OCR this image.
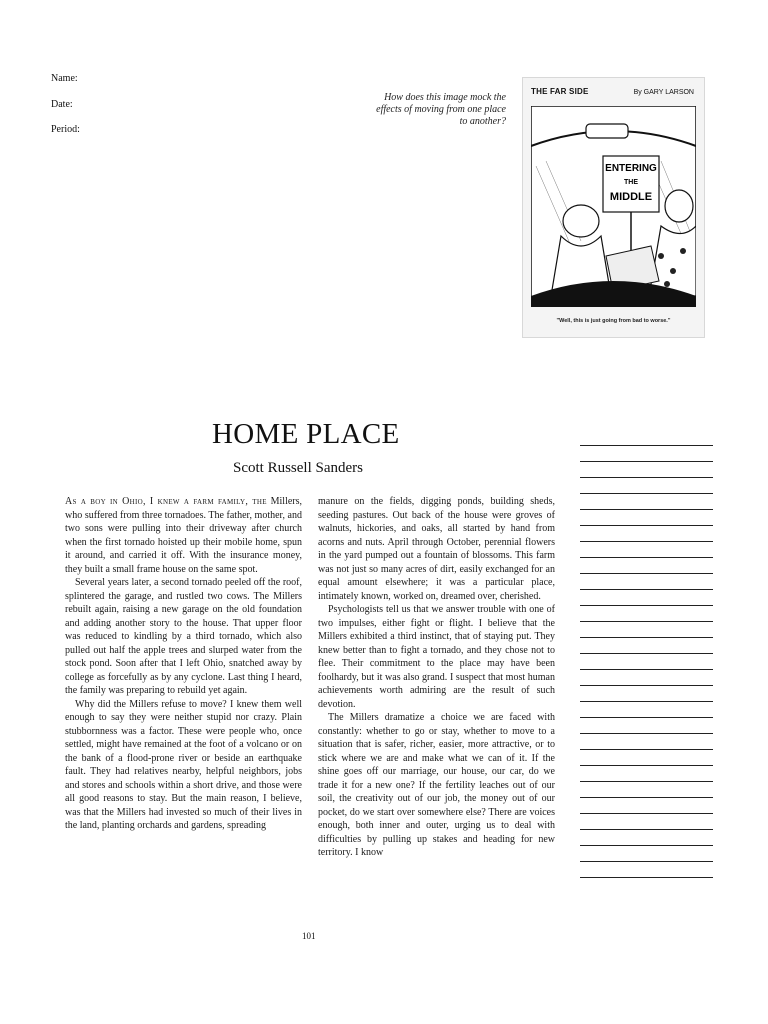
Name:
Date:
Period:
How does this image mock the effects of moving from one place to another?
THE FAR SIDE	By GARY LARSON
ENTERING
THE
MIDDLE
"Well, this is just going from bad to worse."
HOME PLACE
Scott Russell Sanders

As a boy in Ohio, I knew a farm family, the Millers, who suffered from three tornadoes. The father, mother, and two sons were pulling into their driveway after church when the first tornado hoisted up their mobile home, spun it around, and carried it off. With the insurance money, they built a small frame house on the same spot.

Several years later, a second tornado peeled off the roof, splintered the garage, and rustled two cows. The Millers rebuilt again, raising a new garage on the old foundation and adding another story to the house. That upper floor was reduced to kindling by a third tornado, which also pulled out half the apple trees and slurped water from the stock pond. Soon after that I left Ohio, snatched away by college as forcefully as by any cyclone. Last thing I heard, the family was preparing to rebuild yet again.

Why did the Millers refuse to move? I knew them well enough to say they were neither stupid nor crazy. Plain stubbornness was a factor. These were people who, once settled, might have remained at the foot of a volcano or on the bank of a flood-prone river or beside an earthquake fault. They had relatives nearby, helpful neighbors, jobs and stores and schools within a short drive, and those were all good reasons to stay. But the main reason, I believe, was that the Millers had invested so much of their lives in the land, planting orchards and gardens, spreading

manure on the fields, digging ponds, building sheds, seeding pastures. Out back of the house were groves of walnuts, hickories, and oaks, all started by hand from acorns and nuts. April through October, perennial flowers in the yard pumped out a fountain of blossoms. This farm was not just so many acres of dirt, easily exchanged for an equal amount elsewhere; it was a particular place, intimately known, worked on, dreamed over, cherished.

Psychologists tell us that we answer trouble with one of two impulses, either fight or flight. I believe that the Millers exhibited a third instinct, that of staying put. They knew better than to fight a tornado, and they chose not to flee. Their commitment to the place may have been foolhardy, but it was also grand. I suspect that most human achievements worth admiring are the result of such devotion.

The Millers dramatize a choice we are faced with constantly: whether to go or stay, whether to move to a situation that is safer, richer, easier, more attractive, or to stick where we are and make what we can of it. If the shine goes off our marriage, our house, our car, do we trade it for a new one? If the fertility leaches out of our soil, the creativity out of our job, the money out of our pocket, do we start over somewhere else? There are voices enough, both inner and outer, urging us to deal with difficulties by pulling up stakes and heading for new territory. I know

101
